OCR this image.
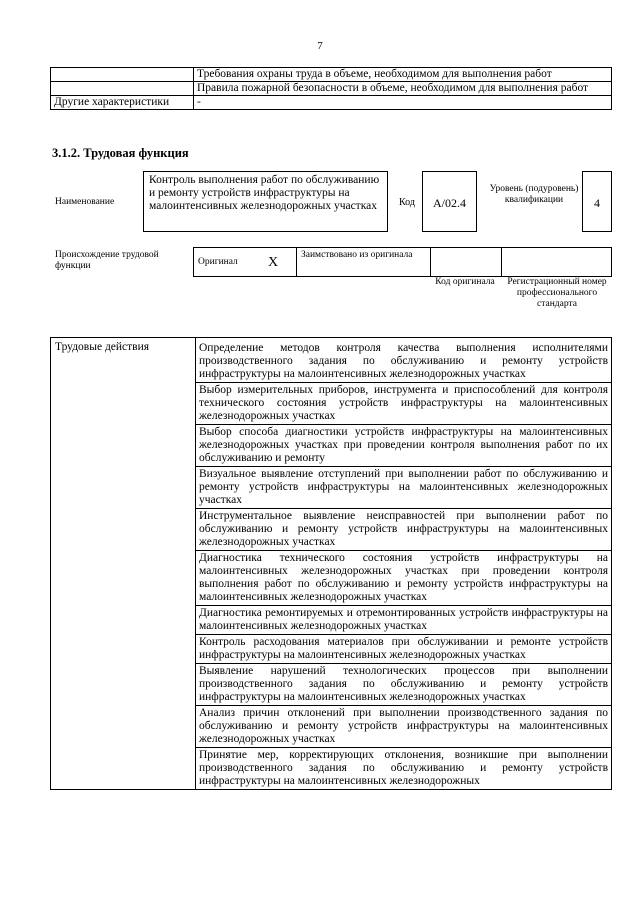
7
	Требования охраны труда в объеме, необходимом для выполнения работ
	Правила пожарной безопасности в объеме, необходимом для выполнения работ
Другие характеристики	-
3.1.2. Трудовая функция
Наименование
Контроль выполнения работ по обслуживанию и ремонту устройств инфраструктуры на малоинтенсивных железнодорожных участках	Код	А/02.4
Уровень (подуровень) квалификации	4
Происхождение трудовой функции	Оригинал	X	Заимствовано из оригинала		
Код оригинала	Регистрационный номер профессионального стандарта
Трудовые действия	Определение методов контроля качества выполнения исполнителями производственного задания по обслуживанию и ремонту устройств инфраструктуры на малоинтенсивных железнодорожных участках
Выбор измерительных приборов, инструмента и приспособлений для контроля технического состояния устройств инфраструктуры на малоинтенсивных железнодорожных участках
Выбор способа диагностики устройств инфраструктуры на малоинтенсивных железнодорожных участках при проведении контроля выполнения работ по их обслуживанию и ремонту
Визуальное выявление отступлений при выполнении работ по обслуживанию и ремонту устройств инфраструктуры на малоинтенсивных железнодорожных участках
Инструментальное выявление неисправностей при выполнении работ по обслуживанию и ремонту устройств инфраструктуры на малоинтенсивных железнодорожных участках
Диагностика технического состояния устройств инфраструктуры на малоинтенсивных железнодорожных участках при проведении контроля выполнения работ по обслуживанию и ремонту устройств инфраструктуры на малоинтенсивных железнодорожных участках
Диагностика ремонтируемых и отремонтированных устройств инфраструктуры на малоинтенсивных железнодорожных участках
Контроль расходования материалов при обслуживании и ремонте устройств инфраструктуры на малоинтенсивных железнодорожных участках
Выявление нарушений технологических процессов при выполнении производственного задания по обслуживанию и ремонту устройств инфраструктуры на малоинтенсивных железнодорожных участках
Анализ причин отклонений при выполнении производственного задания по обслуживанию и ремонту устройств инфраструктуры на малоинтенсивных железнодорожных участках
Принятие мер, корректирующих отклонения, возникшие при выполнении производственного задания по обслуживанию и ремонту устройств инфраструктуры на малоинтенсивных железнодорожных
